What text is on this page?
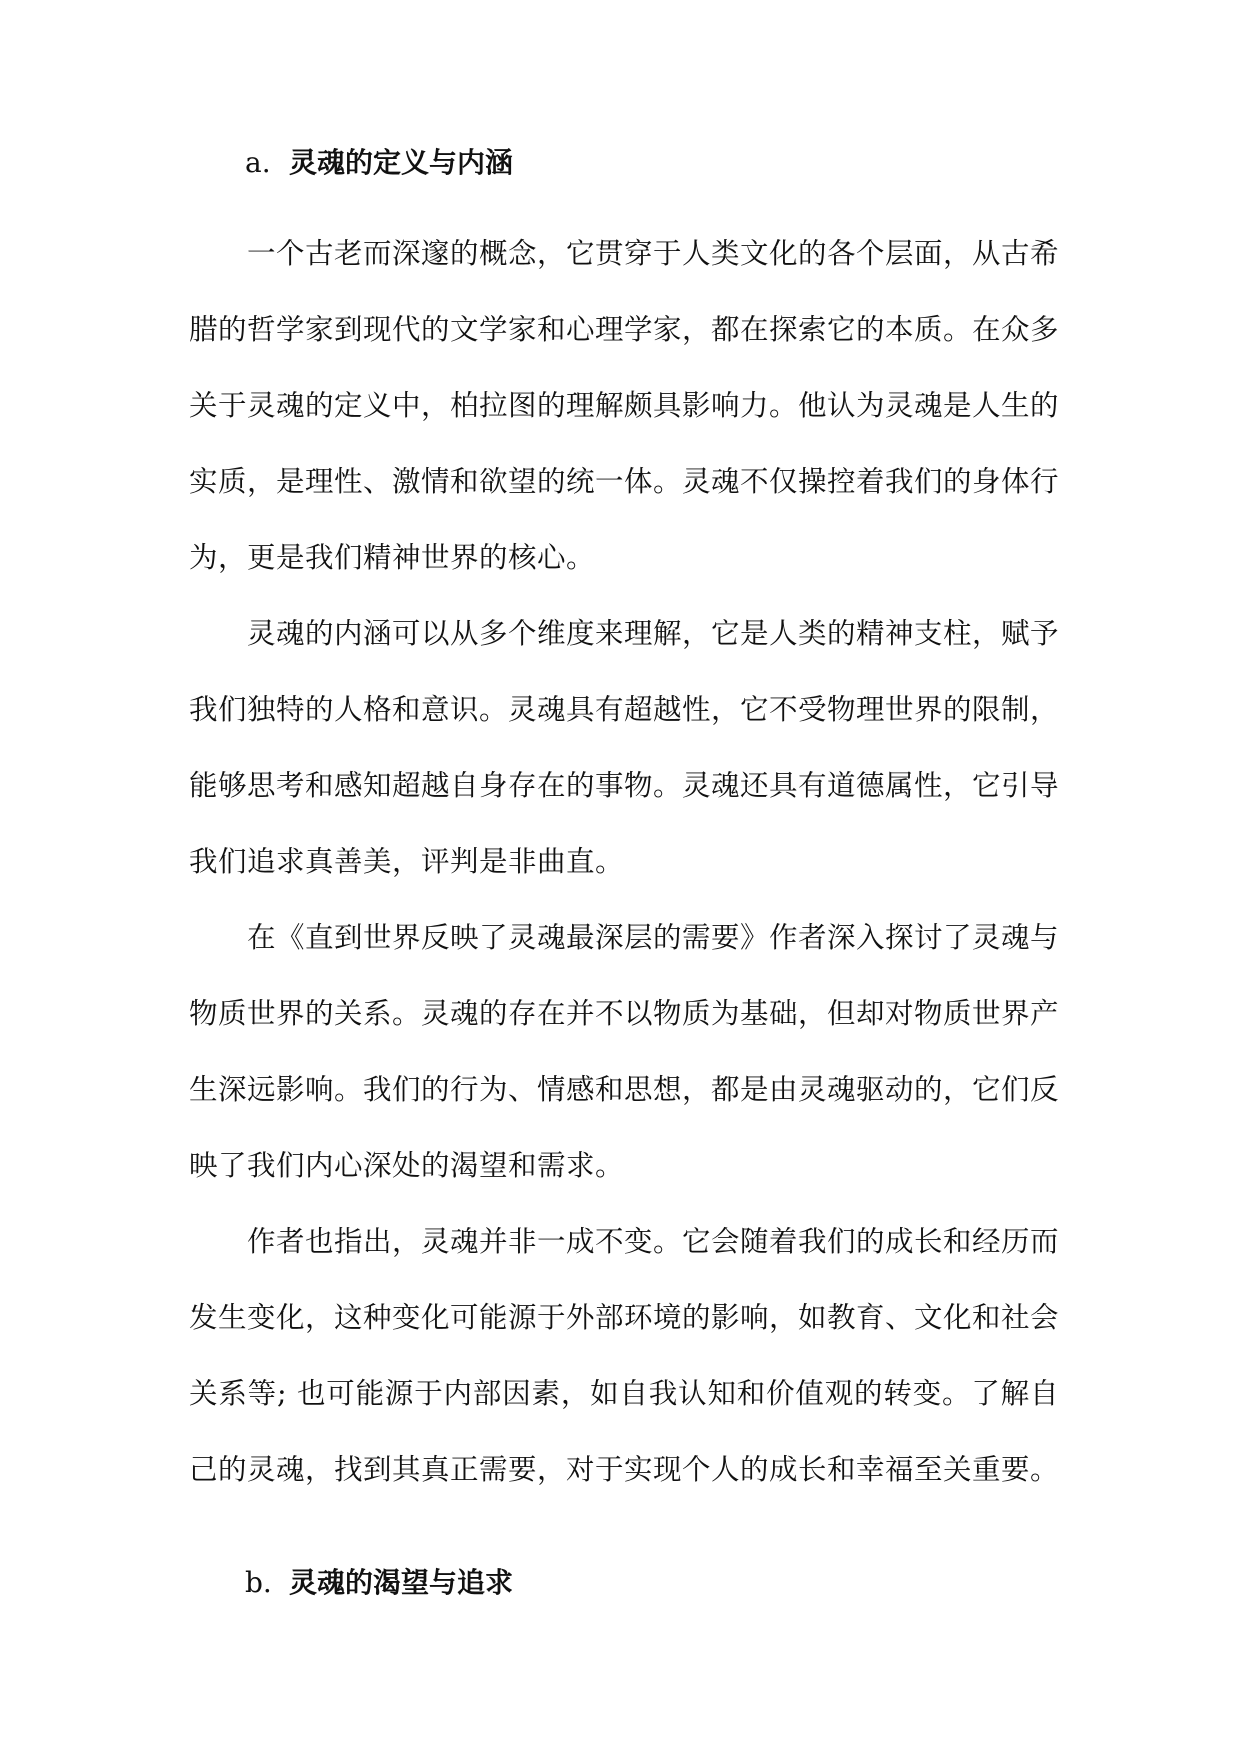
a. 灵魂的定义与内涵

一个古老而深邃的概念，它贯穿于人类文化的各个层面，从古希腊的哲学家到现代的文学家和心理学家，都在探索它的本质。在众多关于灵魂的定义中，柏拉图的理解颇具影响力。他认为灵魂是人生的实质，是理性、激情和欲望的统一体。灵魂不仅操控着我们的身体行为，更是我们精神世界的核心。

灵魂的内涵可以从多个维度来理解，它是人类的精神支柱，赋予我们独特的人格和意识。灵魂具有超越性，它不受物理世界的限制，能够思考和感知超越自身存在的事物。灵魂还具有道德属性，它引导我们追求真善美，评判是非曲直。

在《直到世界反映了灵魂最深层的需要》作者深入探讨了灵魂与物质世界的关系。灵魂的存在并不以物质为基础，但却对物质世界产生深远影响。我们的行为、情感和思想，都是由灵魂驱动的，它们反映了我们内心深处的渴望和需求。

作者也指出，灵魂并非一成不变。它会随着我们的成长和经历而发生变化，这种变化可能源于外部环境的影响，如教育、文化和社会关系等; 也可能源于内部因素，如自我认知和价值观的转变。了解自己的灵魂，找到其真正需要，对于实现个人的成长和幸福至关重要。

b. 灵魂的渴望与追求
